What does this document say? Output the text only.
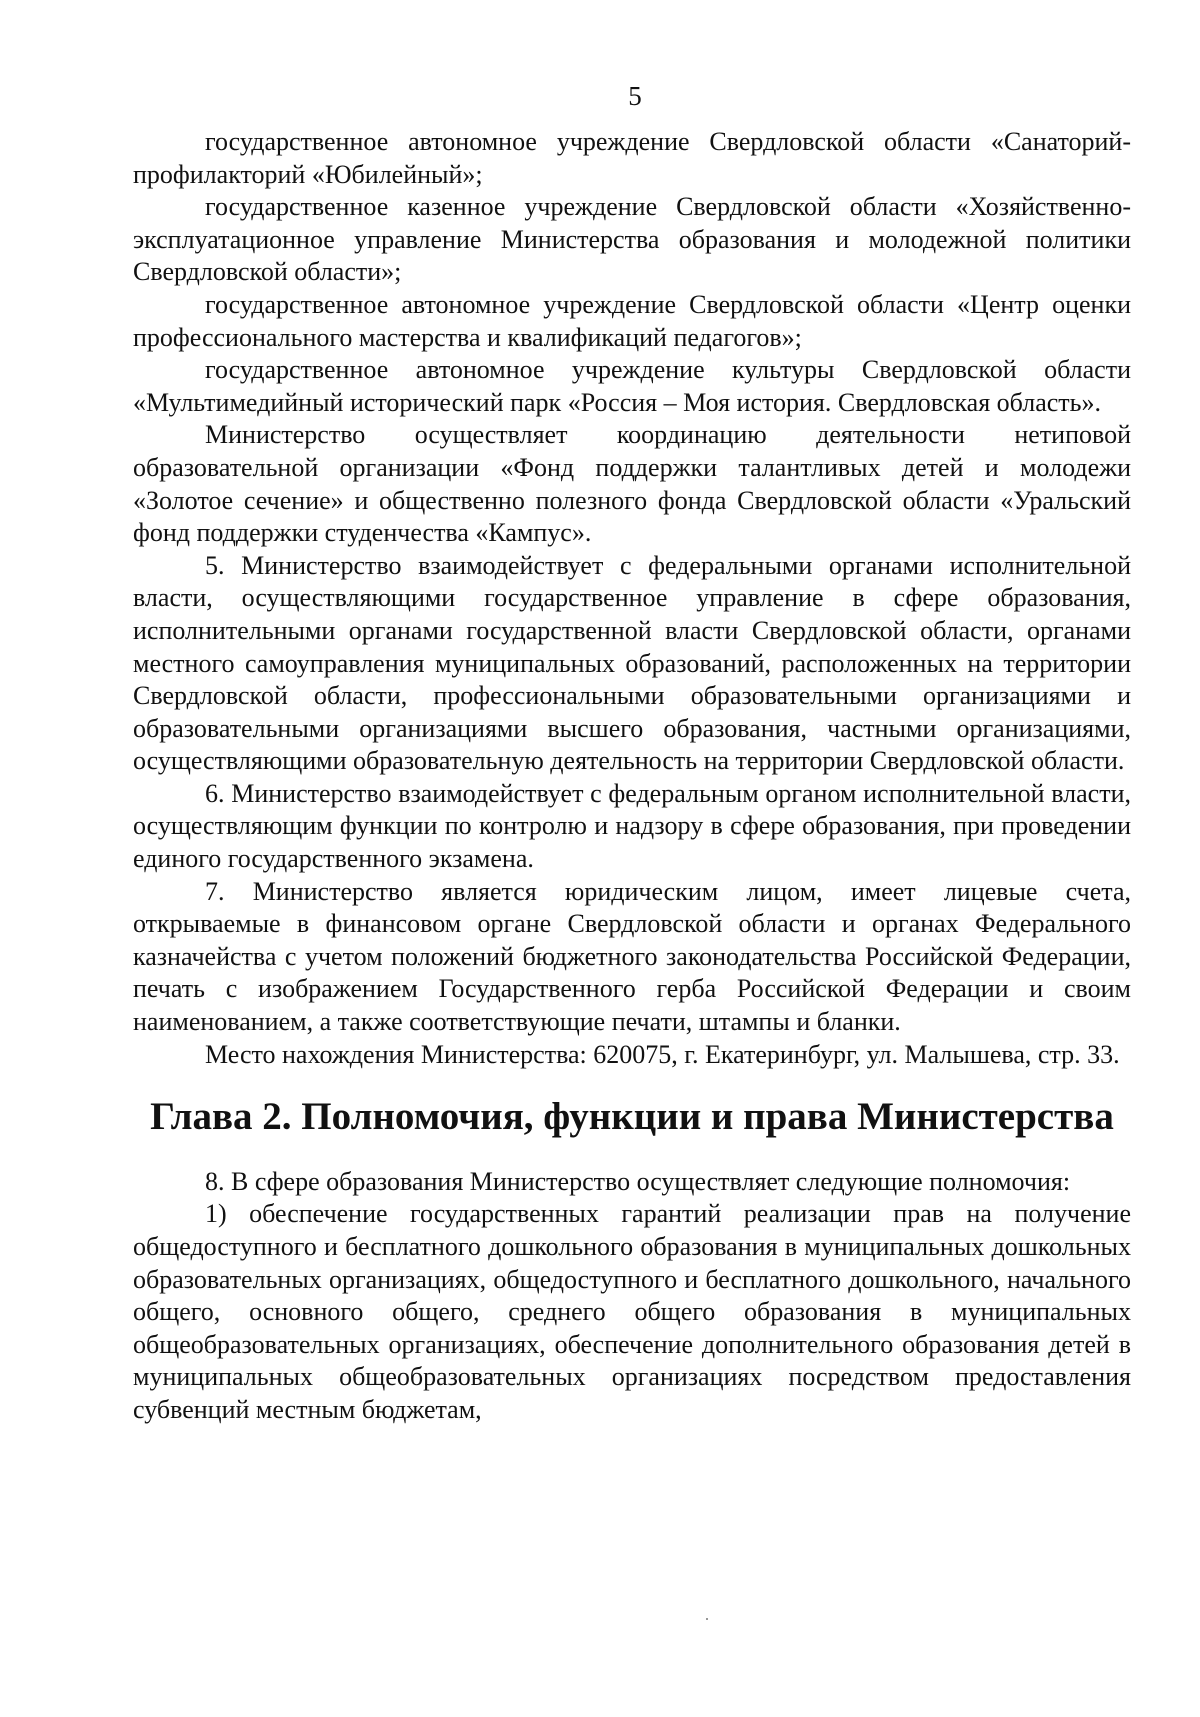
5

государственное автономное учреждение Свердловской области «Санаторий-профилакторий «Юбилейный»;

государственное казенное учреждение Свердловской области «Хозяйственно-эксплуатационное управление Министерства образования и молодежной политики Свердловской области»;

государственное автономное учреждение Свердловской области «Центр оценки профессионального мастерства и квалификаций педагогов»;

государственное автономное учреждение культуры Свердловской области «Мультимедийный исторический парк «Россия – Моя история. Свердловская область».

Министерство осуществляет координацию деятельности нетиповой образовательной организации «Фонд поддержки талантливых детей и молодежи «Золотое сечение» и общественно полезного фонда Свердловской области «Уральский фонд поддержки студенчества «Кампус».

5. Министерство взаимодействует с федеральными органами исполнительной власти, осуществляющими государственное управление в сфере образования, исполнительными органами государственной власти Свердловской области, органами местного самоуправления муниципальных образований, расположенных на территории Свердловской области, профессиональными образовательными организациями и образовательными организациями высшего образования, частными организациями, осуществляющими образовательную деятельность на территории Свердловской области.

6. Министерство взаимодействует с федеральным органом исполнительной власти, осуществляющим функции по контролю и надзору в сфере образования, при проведении единого государственного экзамена.

7. Министерство является юридическим лицом, имеет лицевые счета, открываемые в финансовом органе Свердловской области и органах Федерального казначейства с учетом положений бюджетного законодательства Российской Федерации, печать с изображением Государственного герба Российской Федерации и своим наименованием, а также соответствующие печати, штампы и бланки.

Место нахождения Министерства: 620075, г. Екатеринбург, ул. Малышева, стр. 33.

Глава 2. Полномочия, функции и права Министерства

8. В сфере образования Министерство осуществляет следующие полномочия:

1) обеспечение государственных гарантий реализации прав на получение общедоступного и бесплатного дошкольного образования в муниципальных дошкольных образовательных организациях, общедоступного и бесплатного дошкольного, начального общего, основного общего, среднего общего образования в муниципальных общеобразовательных организациях, обеспечение дополнительного образования детей в муниципальных общеобразовательных организациях посредством предоставления субвенций местным бюджетам,
